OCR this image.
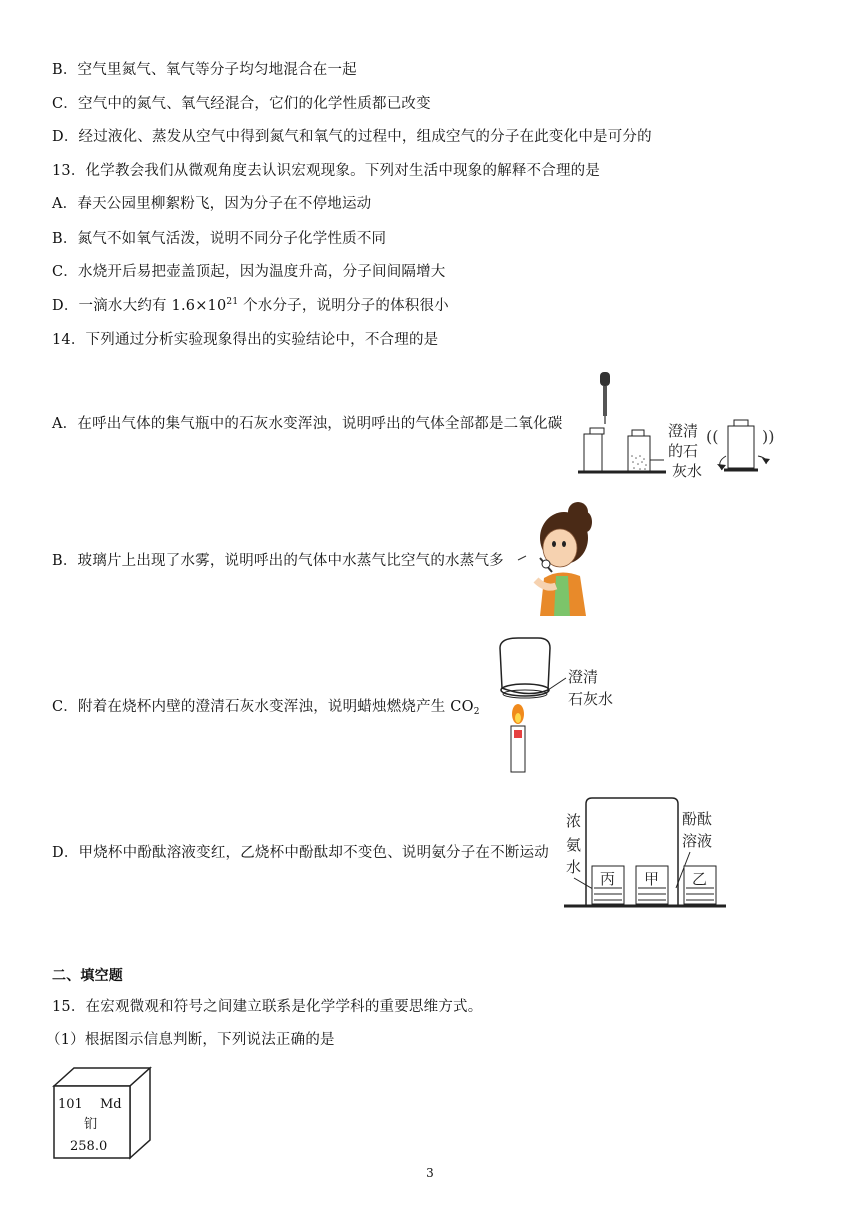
B．空气里氮气、氧气等分子均匀地混合在一起
C．空气中的氮气、氧气经混合，它们的化学性质都已改变
D．经过液化、蒸发从空气中得到氮气和氧气的过程中，组成空气的分子在此变化中是可分的
13．化学教会我们从微观角度去认识宏观现象。下列对生活中现象的解释不合理的是
A．春天公园里柳絮粉飞，因为分子在不停地运动
B．氮气不如氧气活泼，说明不同分子化学性质不同
C．水烧开后易把壶盖顶起，因为温度升高，分子间间隔增大
D．一滴水大约有 $1.6\times 10^{21}$ 个水分子，说明分子的体积很小
14．下列通过分析实验现象得出的实验结论中，不合理的是
A．在呼出气体的集气瓶中的石灰水变浑浊，说明呼出的气体全部都是二氧化碳	澄清
的石
灰水
((	))
B．玻璃片上出现了水雾，说明呼出的气体中水蒸气比空气的水蒸气多
C．附着在烧杯内壁的澄清石灰水变浑浊，说明蜡烛燃烧产生 $CO_2$
澄清
石灰水
D．甲烧杯中酚酞溶液变红，乙烧杯中酚酞却不变色、说明氨分子在不断运动
浓
氨
水
酚酞
溶液
丙 甲 乙
二、填空题
15．在宏观微观和符号之间建立联系是化学学科的重要思维方式。
（1）根据图示信息判断，下列说法正确的是
101 Md
钔
258.0
3
